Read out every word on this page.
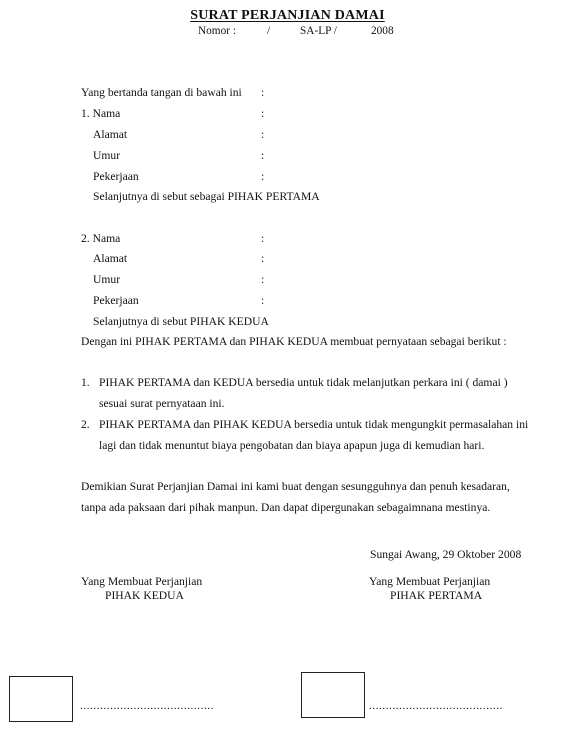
SURAT PERJANJIAN DAMAI
Nomor :	/	SA-LP /	2008
Yang bertanda tangan di bawah ini :
1. Nama	:
Alamat	:
Umur	:
Pekerjaan	:
Selanjutnya di sebut sebagai PIHAK PERTAMA
2. Nama	:
Alamat	:
Umur	:
Pekerjaan	:
Selanjutnya di sebut PIHAK KEDUA
Dengan ini PIHAK PERTAMA dan PIHAK KEDUA membuat pernyataan sebagai berikut :
1. PIHAK PERTAMA dan KEDUA bersedia untuk tidak melanjutkan perkara ini ( damai )
sesuai surat pernyataan ini.
2. PIHAK PERTAMA dan PIHAK KEDUA bersedia untuk tidak mengungkit permasalahan ini
lagi dan tidak menuntut biaya pengobatan dan biaya apapun juga di kemudian hari.
Demikian Surat Perjanjian Damai ini kami buat dengan sesungguhnya dan penuh kesadaran,
tanpa ada paksaan dari pihak manpun. Dan dapat dipergunakan sebagaimnana mestinya.
Sungai Awang, 29 Oktober 2008
Yang Membuat Perjanjian
PIHAK KEDUA
Yang Membuat Perjanjian
PIHAK PERTAMA
........................................	........................................
